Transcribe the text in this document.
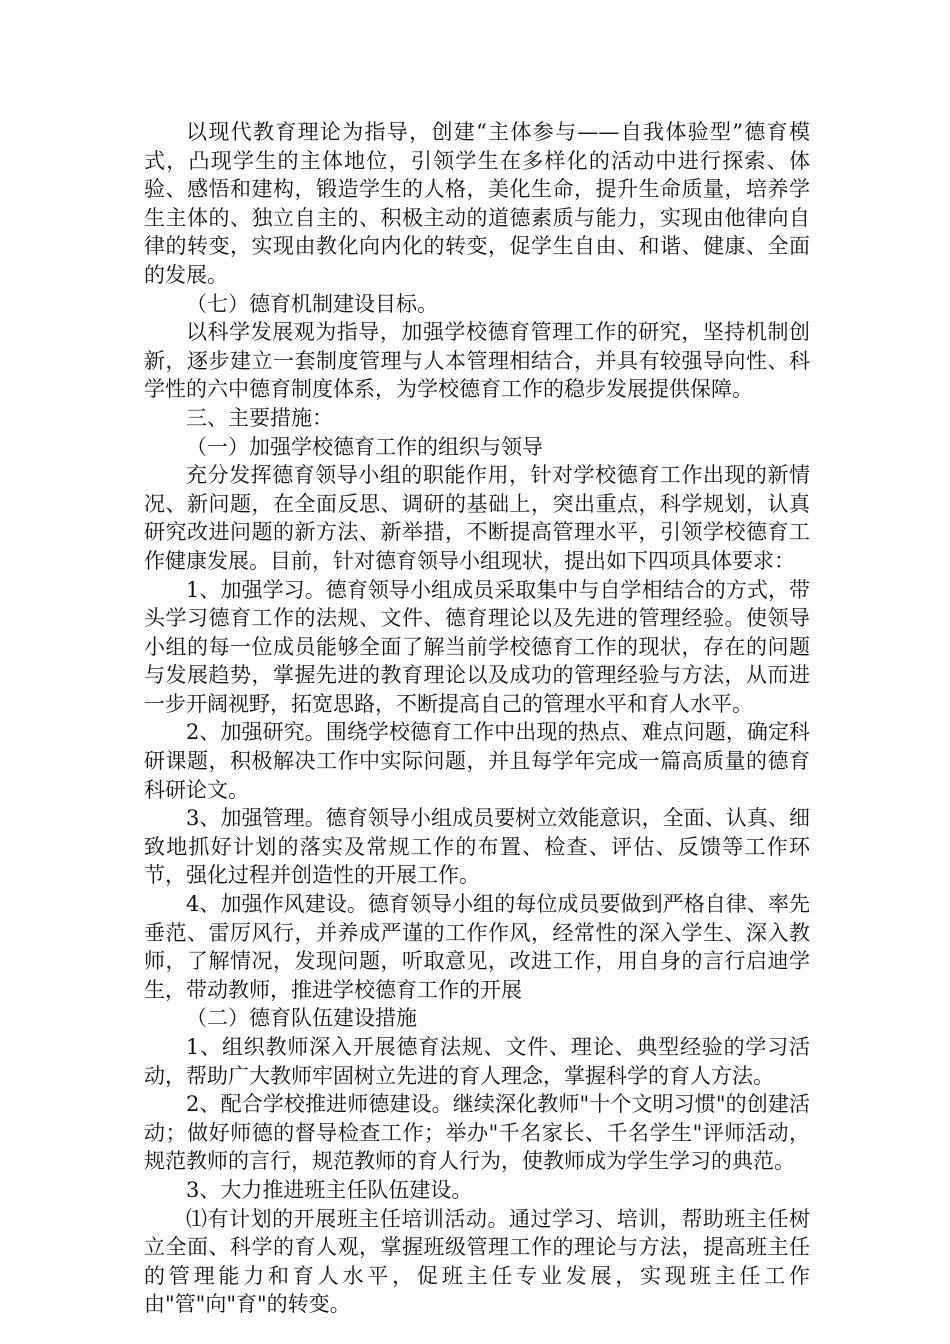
以现代教育理论为指导，创建“主体参与——自我体验型”德育模式，凸现学生的主体地位，引领学生在多样化的活动中进行探索、体验、感悟和建构，锻造学生的人格，美化生命，提升生命质量，培养学生主体的、独立自主的、积极主动的道德素质与能力，实现由他律向自律的转变，实现由教化向内化的转变，促学生自由、和谐、健康、全面的发展。

（七）德育机制建设目标。

以科学发展观为指导，加强学校德育管理工作的研究，坚持机制创新，逐步建立一套制度管理与人本管理相结合，并具有较强导向性、科学性的六中德育制度体系，为学校德育工作的稳步发展提供保障。

三、主要措施：

（一）加强学校德育工作的组织与领导

充分发挥德育领导小组的职能作用，针对学校德育工作出现的新情况、新问题，在全面反思、调研的基础上，突出重点，科学规划，认真研究改进问题的新方法、新举措，不断提高管理水平，引领学校德育工作健康发展。目前，针对德育领导小组现状，提出如下四项具体要求：

1、加强学习。德育领导小组成员采取集中与自学相结合的方式，带头学习德育工作的法规、文件、德育理论以及先进的管理经验。使领导小组的每一位成员能够全面了解当前学校德育工作的现状，存在的问题与发展趋势，掌握先进的教育理论以及成功的管理经验与方法，从而进一步开阔视野，拓宽思路，不断提高自己的管理水平和育人水平。

2、加强研究。围绕学校德育工作中出现的热点、难点问题，确定科研课题，积极解决工作中实际问题，并且每学年完成一篇高质量的德育科研论文。

3、加强管理。德育领导小组成员要树立效能意识，全面、认真、细致地抓好计划的落实及常规工作的布置、检查、评估、反馈等工作环节，强化过程并创造性的开展工作。

4、加强作风建设。德育领导小组的每位成员要做到严格自律、率先垂范、雷厉风行，并养成严谨的工作作风，经常性的深入学生、深入教师，了解情况，发现问题，听取意见，改进工作，用自身的言行启迪学生，带动教师，推进学校德育工作的开展

（二）德育队伍建设措施

1、组织教师深入开展德育法规、文件、理论、典型经验的学习活动，帮助广大教师牢固树立先进的育人理念，掌握科学的育人方法。

2、配合学校推进师德建设。继续深化教师"十个文明习惯"的创建活动；做好师德的督导检查工作；举办"千名家长、千名学生"评师活动，规范教师的言行，规范教师的育人行为，使教师成为学生学习的典范。

3、大力推进班主任队伍建设。

⑴有计划的开展班主任培训活动。通过学习、培训，帮助班主任树立全面、科学的育人观，掌握班级管理工作的理论与方法，提高班主任的管理能力和育人水平，促班主任专业发展，实现班主任工作由"管"向"育"的转变。
